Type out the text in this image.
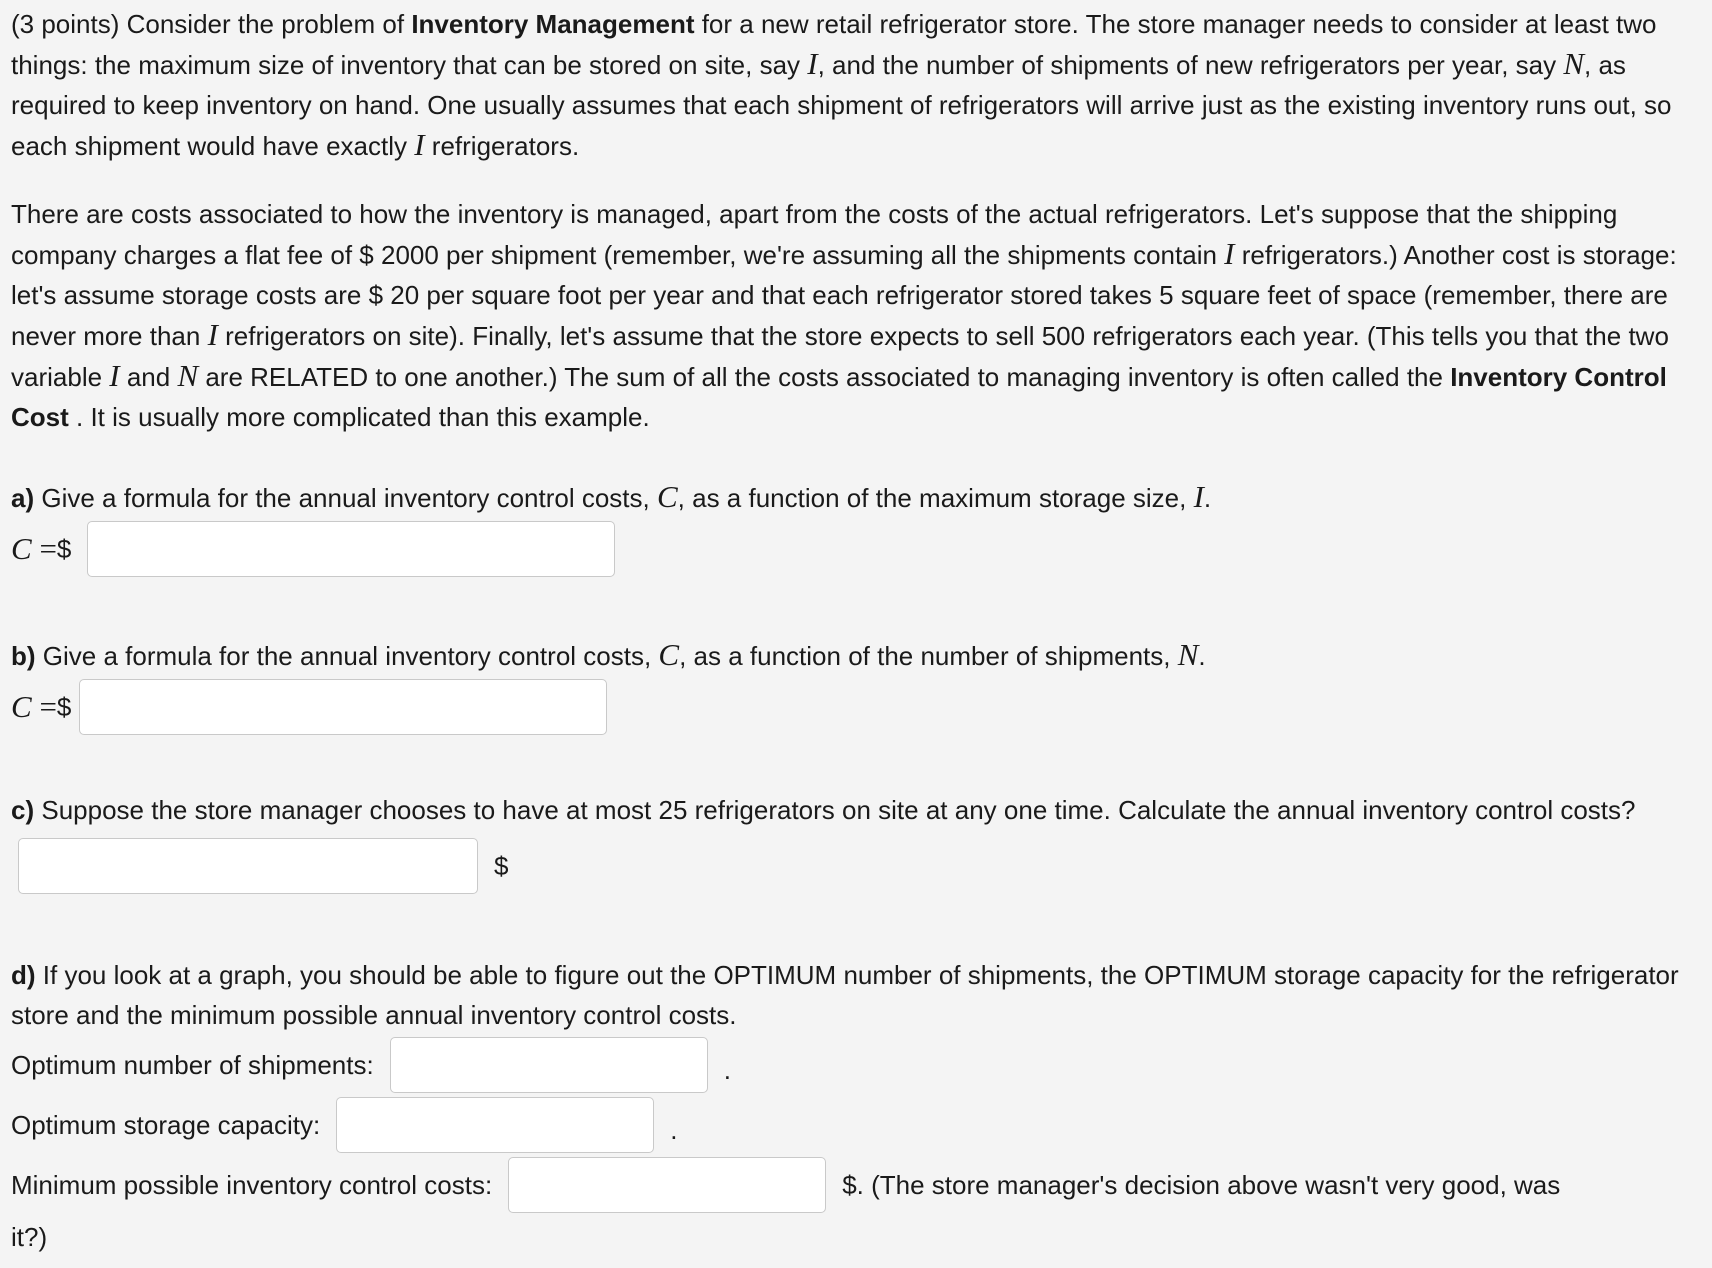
(3 points) Consider the problem of Inventory Management for a new retail refrigerator store. The store manager needs to consider at least two things: the maximum size of inventory that can be stored on site, say I, and the number of shipments of new refrigerators per year, say N, as required to keep inventory on hand. One usually assumes that each shipment of refrigerators will arrive just as the existing inventory runs out, so each shipment would have exactly I refrigerators.

There are costs associated to how the inventory is managed, apart from the costs of the actual refrigerators. Let's suppose that the shipping company charges a flat fee of $ 2000 per shipment (remember, we're assuming all the shipments contain I refrigerators.) Another cost is storage: let's assume storage costs are $ 20 per square foot per year and that each refrigerator stored takes 5 square feet of space (remember, there are never more than I refrigerators on site). Finally, let's assume that the store expects to sell 500 refrigerators each year. (This tells you that the two variable I and N are RELATED to one another.) The sum of all the costs associated to managing inventory is often called the Inventory Control Cost . It is usually more complicated than this example.

a) Give a formula for the annual inventory control costs, C, as a function of the maximum storage size, I.

C = $

b) Give a formula for the annual inventory control costs, C, as a function of the number of shipments, N.

C = $

c) Suppose the store manager chooses to have at most 25 refrigerators on site at any one time. Calculate the annual inventory control costs?

$

d) If you look at a graph, you should be able to figure out the OPTIMUM number of shipments, the OPTIMUM storage capacity for the refrigerator store and the minimum possible annual inventory control costs.

Optimum number of shipments:	.
Optimum storage capacity:	.
Minimum possible inventory control costs:	$. (The store manager's decision above wasn't very good, was

it?)
